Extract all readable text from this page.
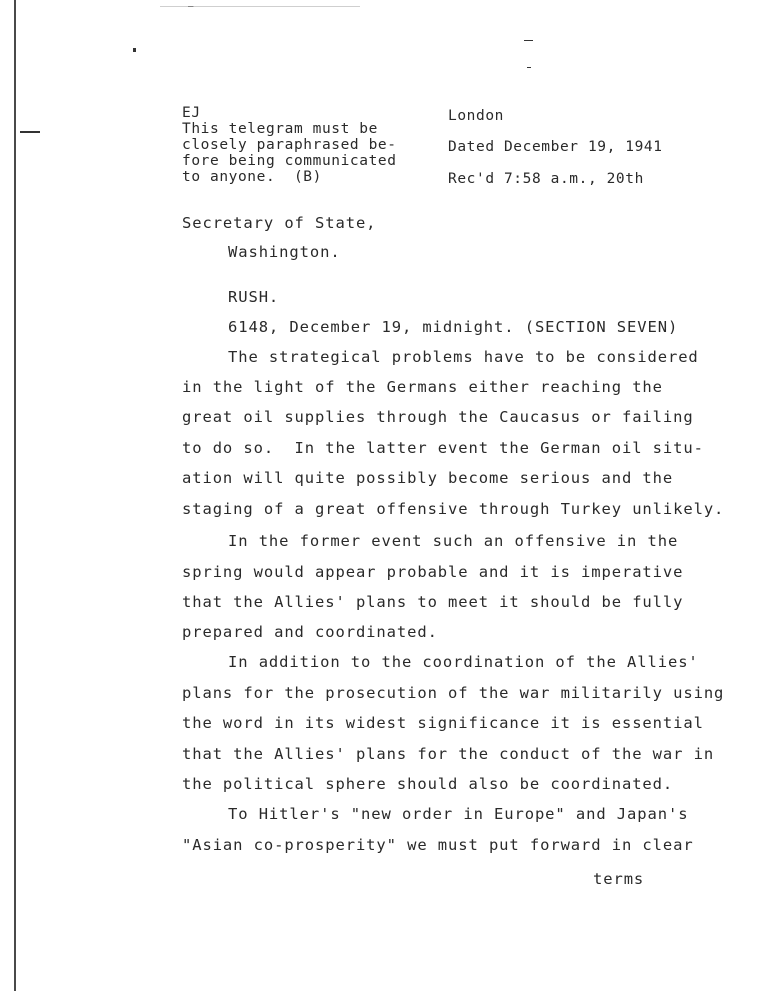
—
EJ
This telegram must be
closely paraphrased be-
fore being communicated
to anyone.  (B)
London
Dated December 19, 1941
Rec'd 7:58 a.m., 20th
Secretary of State,
Washington.
RUSH.
6148, December 19, midnight. (SECTION SEVEN)
The strategical problems have to be considered
in the light of the Germans either reaching the
great oil supplies through the Caucasus or failing
to do so.  In the latter event the German oil situ-
ation will quite possibly become serious and the
staging of a great offensive through Turkey unlikely.
In the former event such an offensive in the
spring would appear probable and it is imperative
that the Allies' plans to meet it should be fully
prepared and coordinated.
In addition to the coordination of the Allies'
plans for the prosecution of the war militarily using
the word in its widest significance it is essential
that the Allies' plans for the conduct of the war in
the political sphere should also be coordinated.
To Hitler's "new order in Europe" and Japan's
"Asian co-prosperity" we must put forward in clear
terms
